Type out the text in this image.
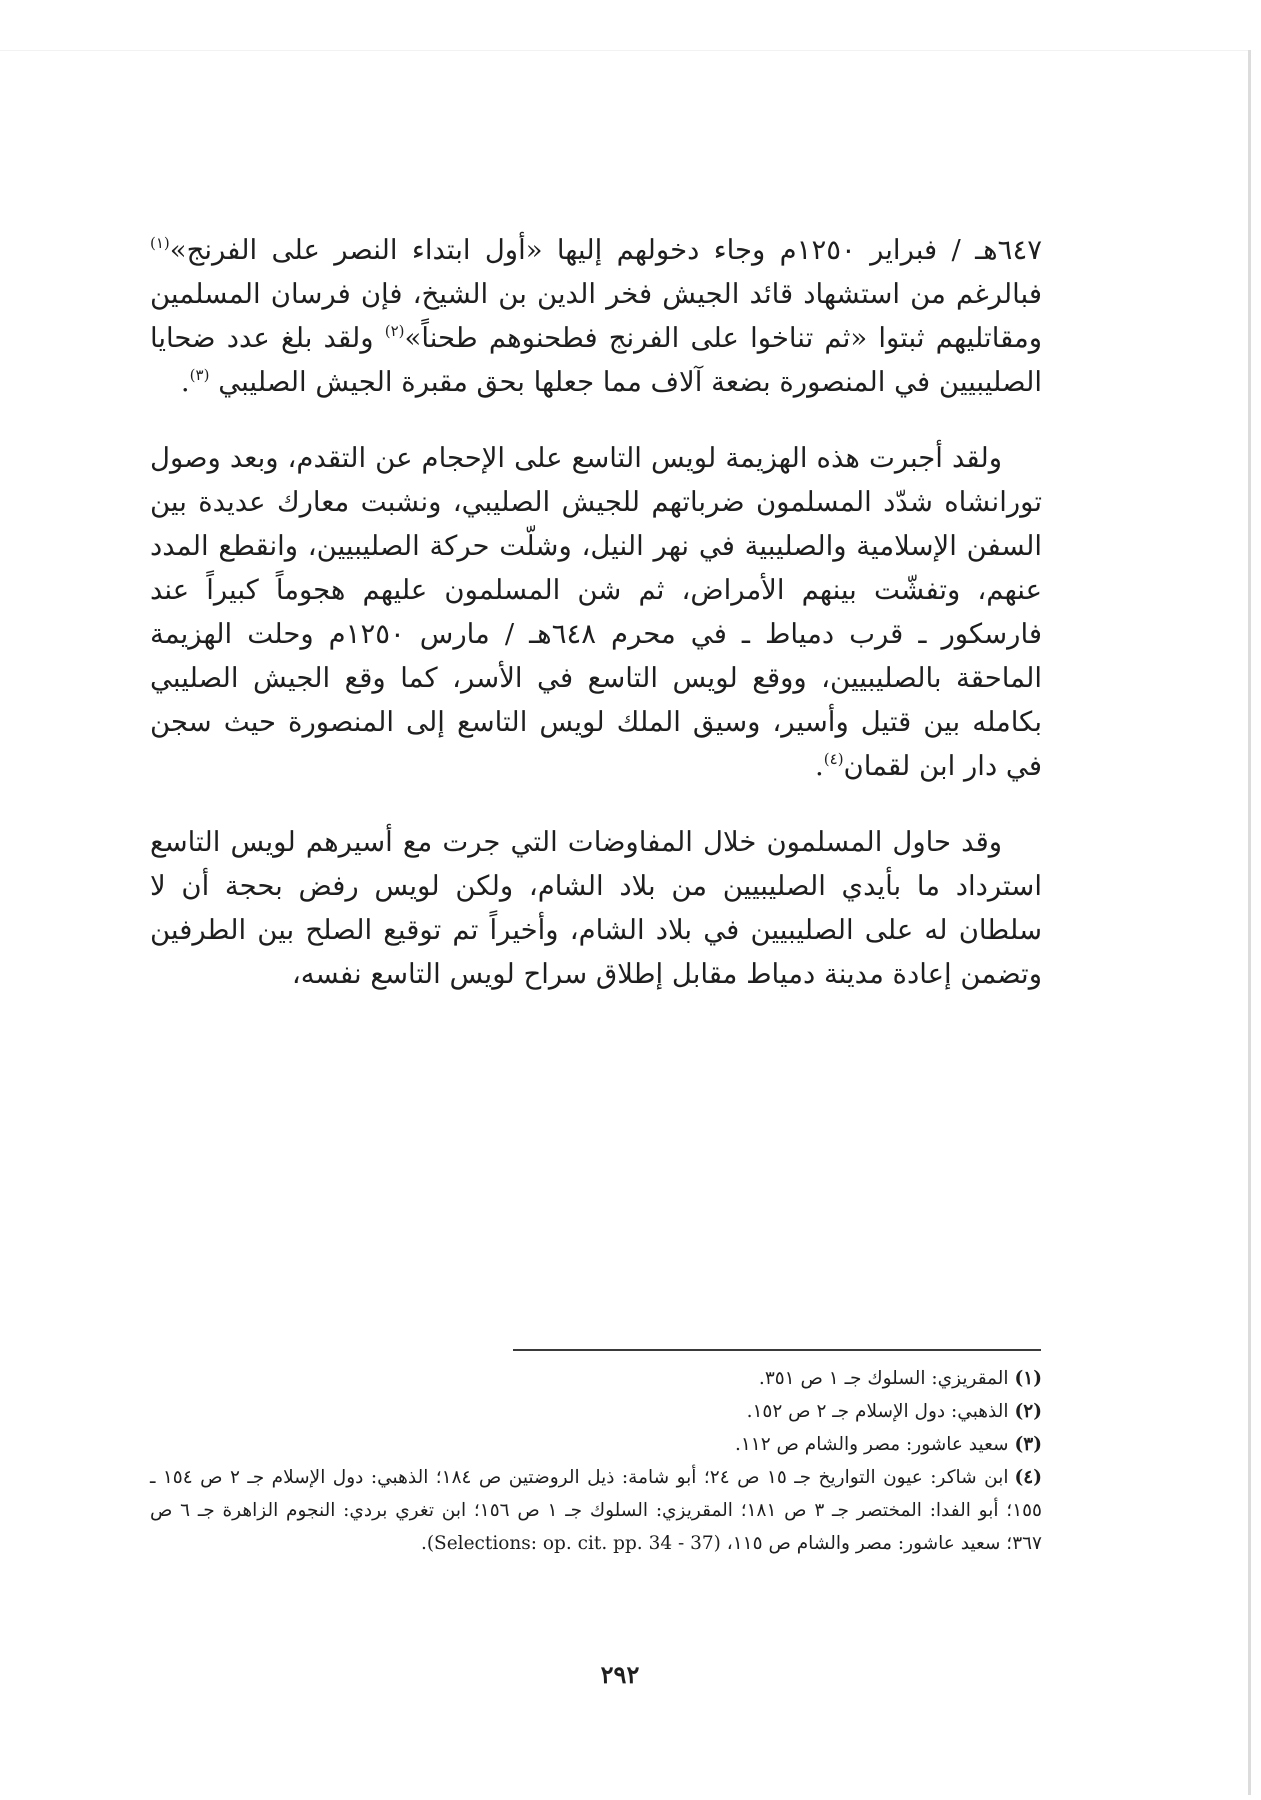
٦٤٧هـ / فبراير ١٢٥٠م وجاء دخولهم إليها «أول ابتداء النصر على الفرنج»$^{(١)}$ فبالرغم من استشهاد قائد الجيش فخر الدين بن الشيخ، فإن فرسان المسلمين ومقاتليهم ثبتوا «ثم تناخوا على الفرنج فطحنوهم طحناً»$^{(٢)}$ ولقد بلغ عدد ضحايا الصليبيين في المنصورة بضعة آلاف مما جعلها بحق مقبرة الجيش الصليبي $^{(٣)}$.

ولقد أجبرت هذه الهزيمة لويس التاسع على الإحجام عن التقدم، وبعد وصول تورانشاه شدّد المسلمون ضرباتهم للجيش الصليبي، ونشبت معارك عديدة بين السفن الإسلامية والصليبية في نهر النيل، وشلّت حركة الصليبيين، وانقطع المدد عنهم، وتفشّت بينهم الأمراض، ثم شن المسلمون عليهم هجوماً كبيراً عند فارسكور ـ قرب دمياط ـ في محرم ٦٤٨هـ / مارس ١٢٥٠م وحلت الهزيمة الماحقة بالصليبيين، ووقع لويس التاسع في الأسر، كما وقع الجيش الصليبي بكامله بين قتيل وأسير، وسيق الملك لويس التاسع إلى المنصورة حيث سجن في دار ابن لقمان$^{(٤)}$.

وقد حاول المسلمون خلال المفاوضات التي جرت مع أسيرهم لويس التاسع استرداد ما بأيدي الصليبيين من بلاد الشام، ولكن لويس رفض بحجة أن لا سلطان له على الصليبيين في بلاد الشام، وأخيراً تم توقيع الصلح بين الطرفين وتضمن إعادة مدينة دمياط مقابل إطلاق سراح لويس التاسع نفسه،

(١)المقريزي: السلوك جـ ١ ص ٣٥١.

(٢)الذهبي: دول الإسلام جـ ٢ ص ١٥٢.

(٣)سعيد عاشور: مصر والشام ص ١١٢.

(٤)ابن شاكر: عيون التواريخ جـ ١٥ ص ٢٤؛ أبو شامة: ذيل الروضتين ص ١٨٤؛ الذهبي: دول الإسلام جـ ٢ ص ١٥٤ ـ ١٥٥؛ أبو الفدا: المختصر جـ ٣ ص ١٨١؛ المقريزي: السلوك جـ ١ ص ١٥٦؛ ابن تغري بردي: النجوم الزاهرة جـ ٦ ص ٣٦٧؛ سعيد عاشور: مصر والشام ص ١١٥، (Selections: op. cit. pp. 34 - 37).

٢٩٢
